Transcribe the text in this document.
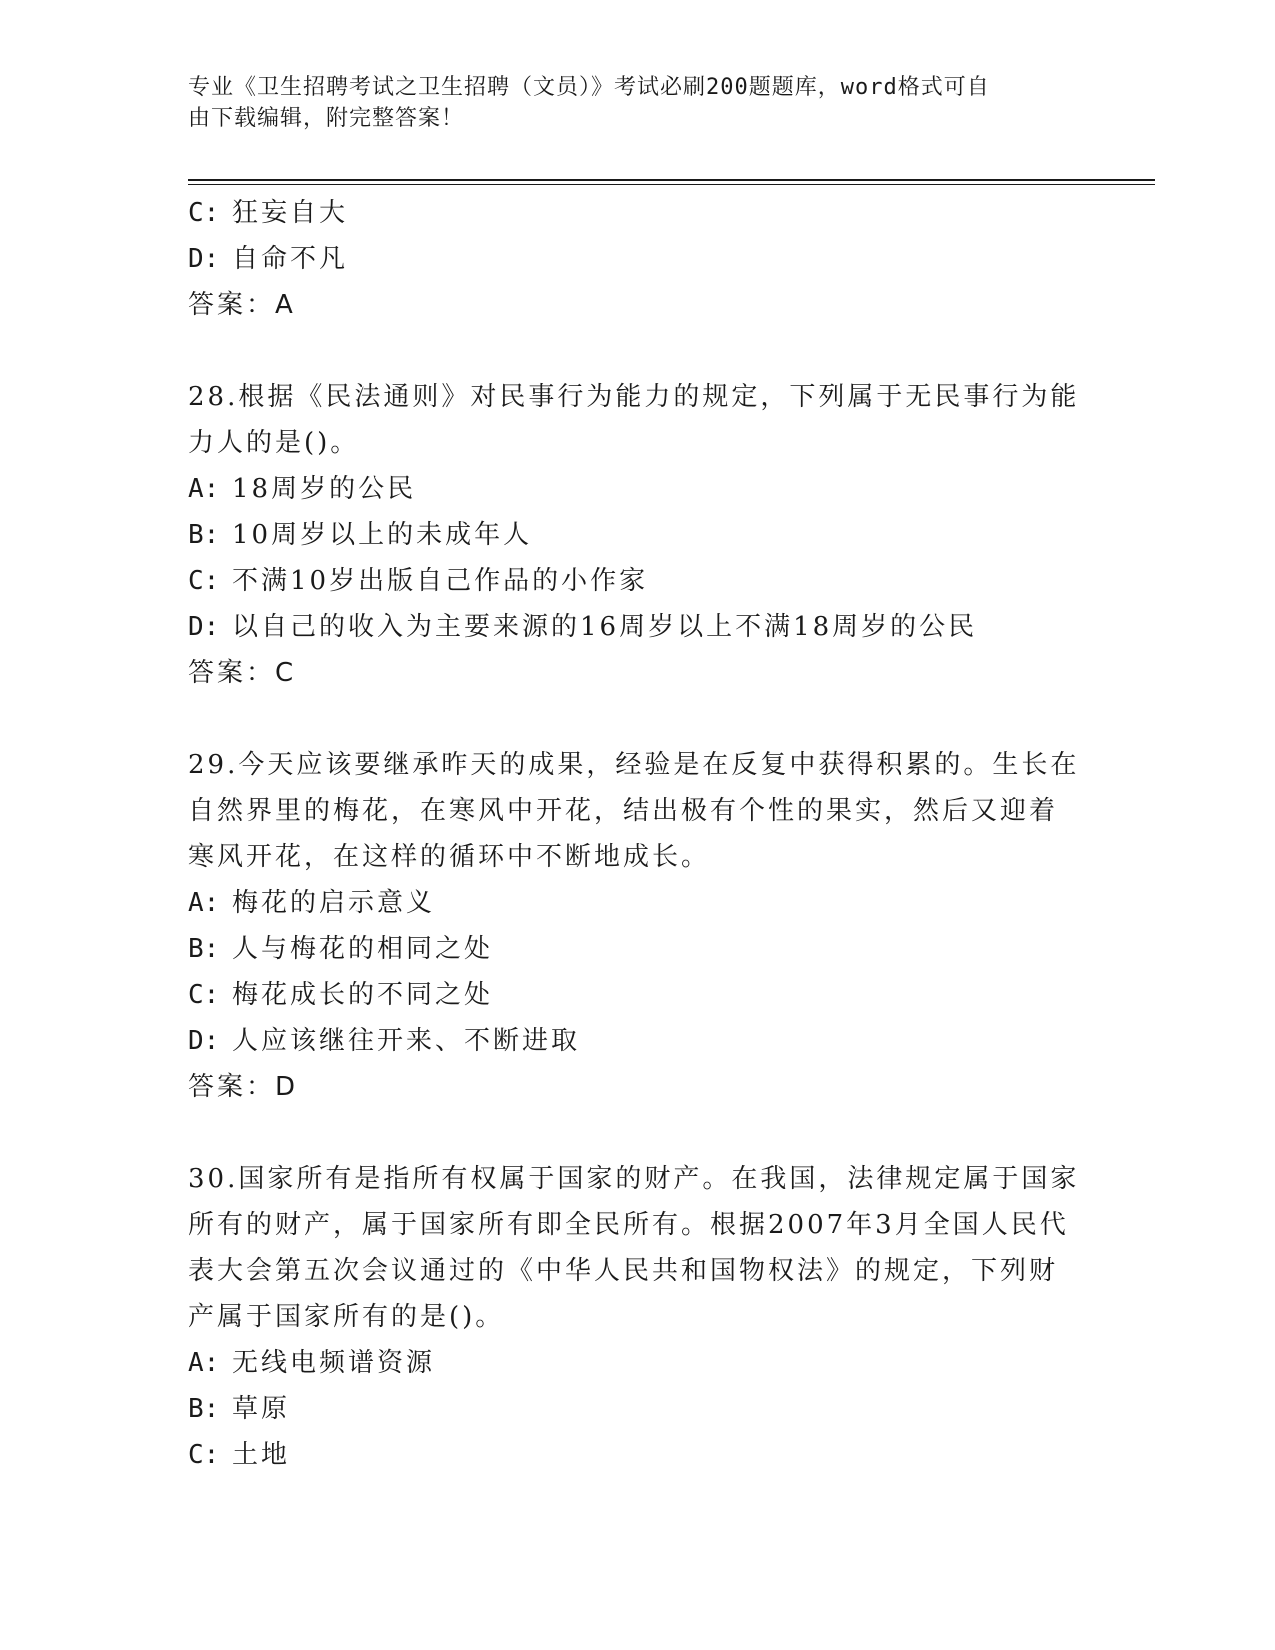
专业《卫生招聘考试之卫生招聘（文员）》考试必刷200题题库，word格式可自
由下载编辑，附完整答案！
C: 狂妄自大
D: 自命不凡
答案：A
28.根据《民法通则》对民事行为能力的规定，下列属于无民事行为能
力人的是()。
A: 18周岁的公民
B: 10周岁以上的未成年人
C: 不满10岁出版自己作品的小作家
D: 以自己的收入为主要来源的16周岁以上不满18周岁的公民
答案：C
29.今天应该要继承昨天的成果，经验是在反复中获得积累的。生长在
自然界里的梅花，在寒风中开花，结出极有个性的果实，然后又迎着
寒风开花，在这样的循环中不断地成长。
A: 梅花的启示意义
B: 人与梅花的相同之处
C: 梅花成长的不同之处
D: 人应该继往开来、不断进取
答案：D
30.国家所有是指所有权属于国家的财产。在我国，法律规定属于国家
所有的财产，属于国家所有即全民所有。根据2007年3月全国人民代
表大会第五次会议通过的《中华人民共和国物权法》的规定，下列财
产属于国家所有的是()。
A: 无线电频谱资源
B: 草原
C: 土地
